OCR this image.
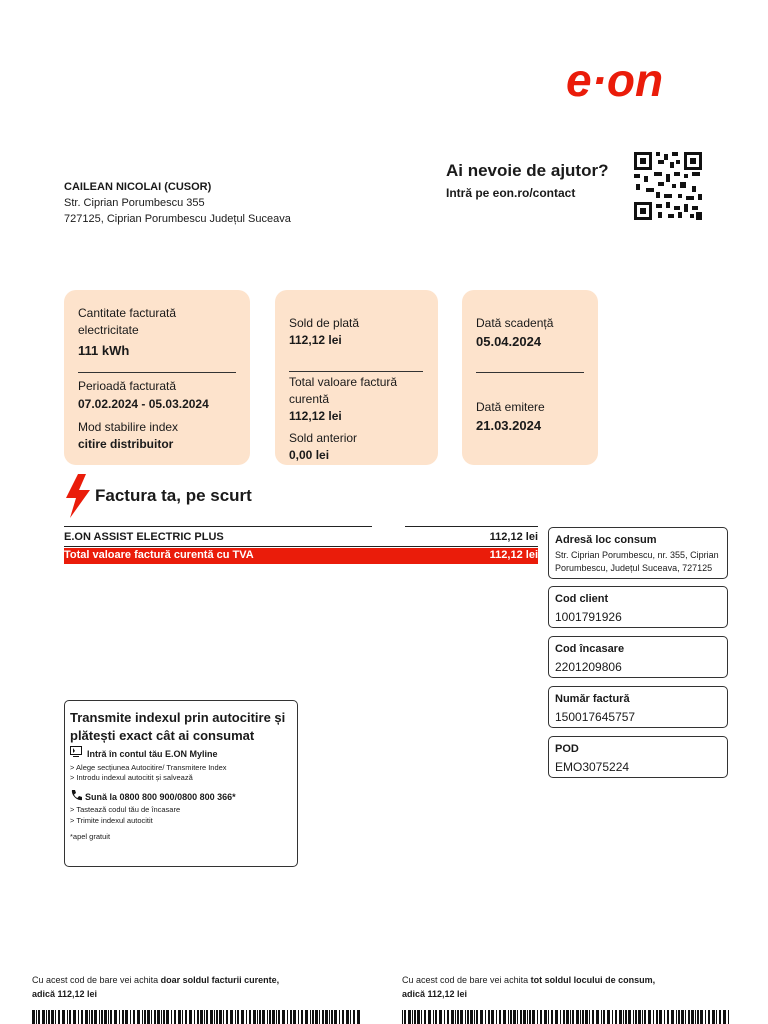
e·on
Ai nevoie de ajutor?
Intră pe eon.ro/contact
CAILEAN NICOLAI (CUSOR)
Str. Ciprian Porumbescu 355
727125, Ciprian Porumbescu Județul Suceava
Cantitate facturată electricitate
111 kWh
Perioadă facturată
07.02.2024 - 05.03.2024
Mod stabilire index
citire distribuitor
Sold de plată
112,12 lei
Total valoare factură curentă
112,12 lei
Sold anterior
0,00 lei
Dată scadență
05.04.2024
Dată emitere
21.03.2024
Factura ta, pe scurt
E.ON ASSIST ELECTRIC PLUS	112,12 lei
Total valoare factură curentă cu TVA	112,12 lei
Adresă loc consum
Str. Ciprian Porumbescu, nr. 355, Ciprian Porumbescu, Județul Suceava, 727125
Cod client
1001791926
Cod încasare
2201209806
Număr factură
150017645757
POD
EMO3075224
Transmite indexul prin autocitire și plătești exact cât ai consumat
Intră în contul tău E.ON Myline
> Alege secțiunea Autocitire/ Transmitere Index
> Introdu indexul autocitit și salvează
Sună la 0800 800 900/0800 800 366*
> Tastează codul tău de încasare
> Trimite indexul autocitit
*apel gratuit
Cu acest cod de bare vei achita doar soldul facturii curente,
adică 112,12 lei
Cu acest cod de bare vei achita tot soldul locului de consum,
adică 112,12 lei
